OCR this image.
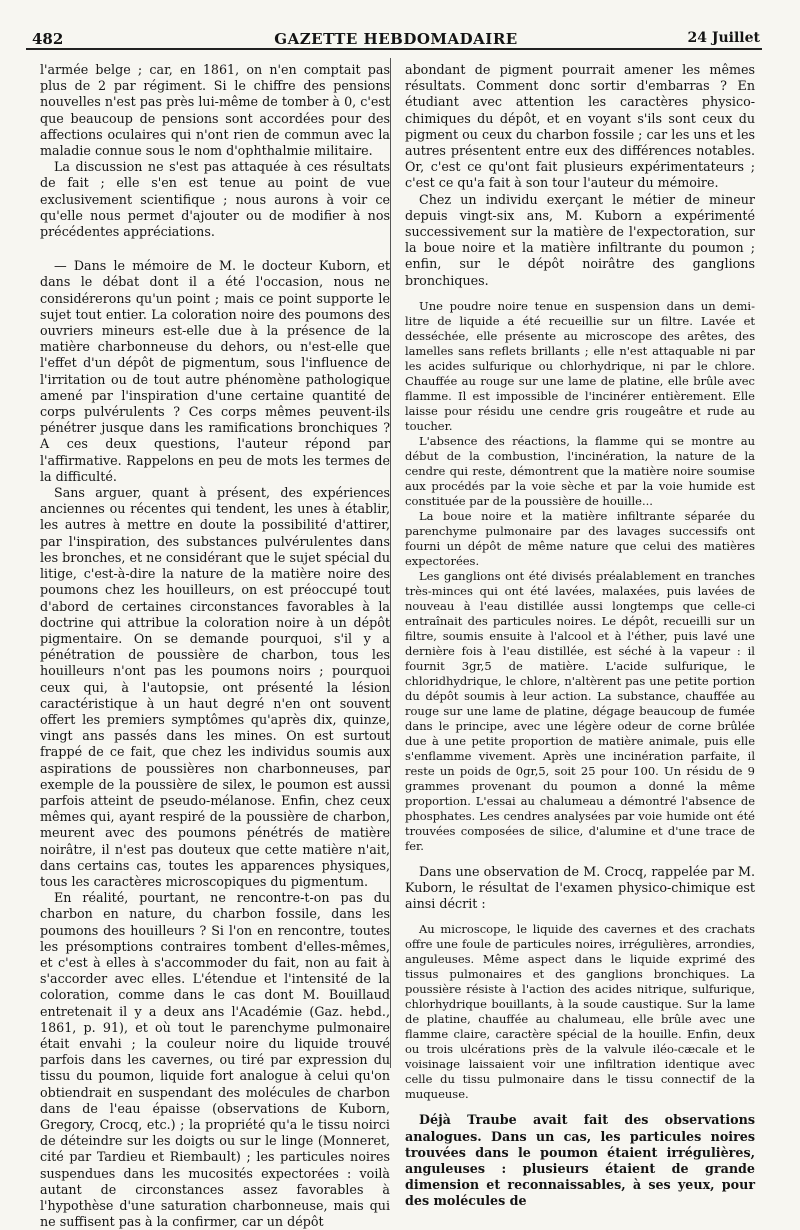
482	GAZETTE HEBDOMADAIRE	24 Juillet

l'armée belge ; car, en 1861, on n'en comptait pas plus de 2 par régiment. Si le chiffre des pensions nouvelles n'est pas près lui-même de tomber à 0, c'est que beaucoup de pensions sont accordées pour des affections oculaires qui n'ont rien de commun avec la maladie connue sous le nom d'ophthalmie militaire.

La discussion ne s'est pas attaquée à ces résultats de fait ; elle s'en est tenue au point de vue exclusivement scientifique ; nous aurons à voir ce qu'elle nous permet d'ajouter ou de modifier à nos précédentes appréciations.

— Dans le mémoire de M. le docteur Kuborn, et dans le débat dont il a été l'occasion, nous ne considérerons qu'un point ; mais ce point supporte le sujet tout entier. La coloration noire des poumons des ouvriers mineurs est-elle due à la présence de la matière charbonneuse du dehors, ou n'est-elle que l'effet d'un dépôt de pigmentum, sous l'influence de l'irritation ou de tout autre phénomène pathologique amené par l'inspiration d'une certaine quantité de corps pulvérulents ? Ces corps mêmes peuvent-ils pénétrer jusque dans les ramifications bronchiques ? A ces deux questions, l'auteur répond par l'affirmative. Rappelons en peu de mots les termes de la difficulté.

Sans arguer, quant à présent, des expériences anciennes ou récentes qui tendent, les unes à établir, les autres à mettre en doute la possibilité d'attirer, par l'inspiration, des substances pulvérulentes dans les bronches, et ne considérant que le sujet spécial du litige, c'est-à-dire la nature de la matière noire des poumons chez les houilleurs, on est préoccupé tout d'abord de certaines circonstances favorables à la doctrine qui attribue la coloration noire à un dépôt pigmentaire. On se demande pourquoi, s'il y a pénétration de poussière de charbon, tous les houilleurs n'ont pas les poumons noirs ; pourquoi ceux qui, à l'autopsie, ont présenté la lésion caractéristique à un haut degré n'en ont souvent offert les premiers symptômes qu'après dix, quinze, vingt ans passés dans les mines. On est surtout frappé de ce fait, que chez les individus soumis aux aspirations de poussières non charbonneuses, par exemple de la poussière de silex, le poumon est aussi parfois atteint de pseudo-mélanose. Enfin, chez ceux mêmes qui, ayant respiré de la poussière de charbon, meurent avec des poumons pénétrés de matière noirâtre, il n'est pas douteux que cette matière n'ait, dans certains cas, toutes les apparences physiques, tous les caractères microscopiques du pigmentum.

En réalité, pourtant, ne rencontre-t-on pas du charbon en nature, du charbon fossile, dans les poumons des houilleurs ? Si l'on en rencontre, toutes les présomptions contraires tombent d'elles-mêmes, et c'est à elles à s'accommoder du fait, non au fait à s'accorder avec elles. L'étendue et l'intensité de la coloration, comme dans le cas dont M. Bouillaud entretenait il y a deux ans l'Académie (Gaz. hebd., 1861, p. 91), et où tout le parenchyme pulmonaire était envahi ; la couleur noire du liquide trouvé parfois dans les cavernes, ou tiré par expression du tissu du poumon, liquide fort analogue à celui qu'on obtiendrait en suspendant des molécules de charbon dans de l'eau épaisse (observations de Kuborn, Gregory, Crocq, etc.) ; la propriété qu'a le tissu noirci de déteindre sur les doigts ou sur le linge (Monneret, cité par Tardieu et Riembault) ; les particules noires suspendues dans les mucosités expectorées : voilà autant de circonstances assez favorables à l'hypothèse d'une saturation charbonneuse, mais qui ne suffisent pas à la confirmer, car un dépôt

abondant de pigment pourrait amener les mêmes résultats. Comment donc sortir d'embarras ? En étudiant avec attention les caractères physico-chimiques du dépôt, et en voyant s'ils sont ceux du pigment ou ceux du charbon fossile ; car les uns et les autres présentent entre eux des différences notables. Or, c'est ce qu'ont fait plusieurs expérimentateurs ; c'est ce qu'a fait à son tour l'auteur du mémoire.

Chez un individu exerçant le métier de mineur depuis vingt-six ans, M. Kuborn a expérimenté successivement sur la matière de l'expectoration, sur la boue noire et la matière infiltrante du poumon ; enfin, sur le dépôt noirâtre des ganglions bronchiques.

Une poudre noire tenue en suspension dans un demi-litre de liquide a été recueillie sur un filtre. Lavée et desséchée, elle présente au microscope des arêtes, des lamelles sans reflets brillants ; elle n'est attaquable ni par les acides sulfurique ou chlorhydrique, ni par le chlore. Chauffée au rouge sur une lame de platine, elle brûle avec flamme. Il est impossible de l'incinérer entièrement. Elle laisse pour résidu une cendre gris rougeâtre et rude au toucher.

L'absence des réactions, la flamme qui se montre au début de la combustion, l'incinération, la nature de la cendre qui reste, démontrent que la matière noire soumise aux procédés par la voie sèche et par la voie humide est constituée par de la poussière de houille...

La boue noire et la matière infiltrante séparée du parenchyme pulmonaire par des lavages successifs ont fourni un dépôt de même nature que celui des matières expectorées.

Les ganglions ont été divisés préalablement en tranches très-minces qui ont été lavées, malaxées, puis lavées de nouveau à l'eau distillée aussi longtemps que celle-ci entraînait des particules noires. Le dépôt, recueilli sur un filtre, soumis ensuite à l'alcool et à l'éther, puis lavé une dernière fois à l'eau distillée, est séché à la vapeur : il fournit 3gr,5 de matière. L'acide sulfurique, le chloridhydrique, le chlore, n'altèrent pas une petite portion du dépôt soumis à leur action. La substance, chauffée au rouge sur une lame de platine, dégage beaucoup de fumée dans le principe, avec une légère odeur de corne brûlée due à une petite proportion de matière animale, puis elle s'enflamme vivement. Après une incinération parfaite, il reste un poids de 0gr,5, soit 25 pour 100. Un résidu de 9 grammes provenant du poumon a donné la même proportion. L'essai au chalumeau a démontré l'absence de phosphates. Les cendres analysées par voie humide ont été trouvées composées de silice, d'alumine et d'une trace de fer.

Dans une observation de M. Crocq, rappelée par M. Kuborn, le résultat de l'examen physico-chimique est ainsi décrit :

Au microscope, le liquide des cavernes et des crachats offre une foule de particules noires, irrégulières, arrondies, anguleuses. Même aspect dans le liquide exprimé des tissus pulmonaires et des ganglions bronchiques. La poussière résiste à l'action des acides nitrique, sulfurique, chlorhydrique bouillants, à la soude caustique. Sur la lame de platine, chauffée au chalumeau, elle brûle avec une flamme claire, caractère spécial de la houille. Enfin, deux ou trois ulcérations près de la valvule iléo-cæcale et le voisinage laissaient voir une infiltration identique avec celle du tissu pulmonaire dans le tissu connectif de la muqueuse.

Déjà Traube avait fait des observations analogues. Dans un cas, les particules noires trouvées dans le poumon étaient irrégulières, anguleuses : plusieurs étaient de grande dimension et reconnaissables, à ses yeux, pour des molécules de
